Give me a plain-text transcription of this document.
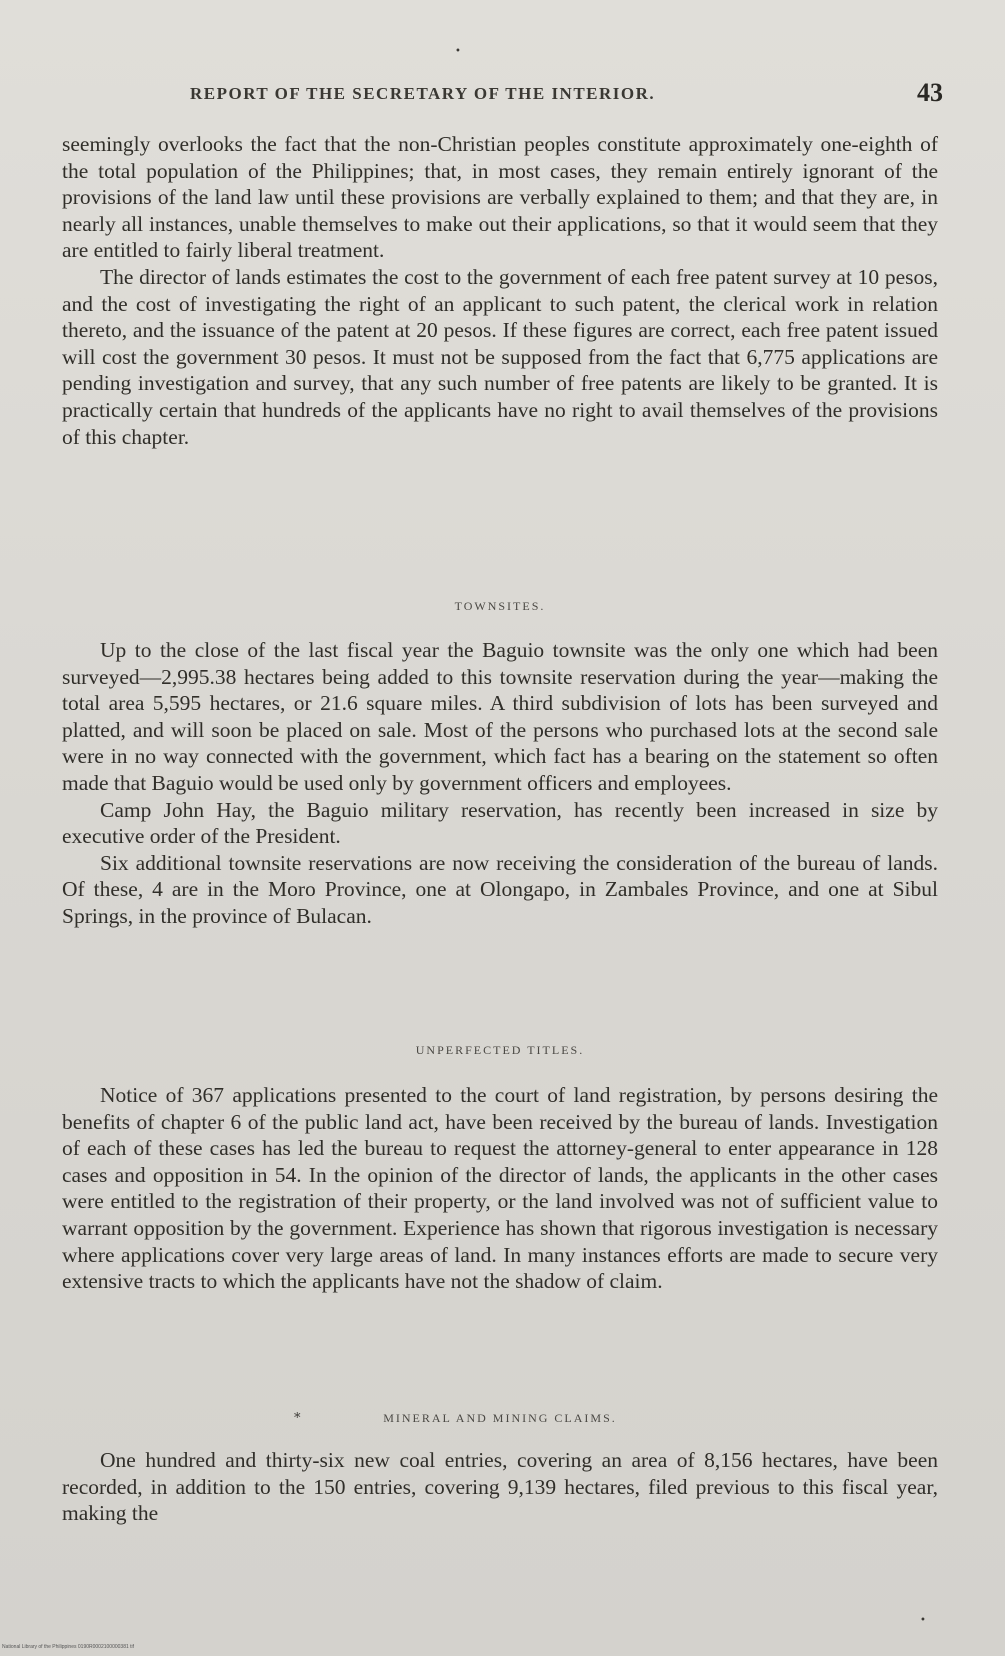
•
REPORT OF THE SECRETARY OF THE INTERIOR.	43

seemingly overlooks the fact that the non-Christian peoples constitute approximately one-eighth of the total population of the Philippines; that, in most cases, they remain entirely ignorant of the provisions of the land law until these provisions are verbally explained to them; and that they are, in nearly all instances, unable themselves to make out their applications, so that it would seem that they are entitled to fairly liberal treatment.

The director of lands estimates the cost to the government of each free patent survey at 10 pesos, and the cost of investigating the right of an applicant to such patent, the clerical work in relation thereto, and the issuance of the patent at 20 pesos. If these figures are correct, each free patent issued will cost the government 30 pesos. It must not be supposed from the fact that 6,775 applications are pending investigation and survey, that any such number of free patents are likely to be granted. It is practically certain that hundreds of the applicants have no right to avail themselves of the provisions of this chapter.

TOWNSITES.

Up to the close of the last fiscal year the Baguio townsite was the only one which had been surveyed—2,995.38 hectares being added to this townsite reservation during the year—making the total area 5,595 hectares, or 21.6 square miles. A third subdivision of lots has been surveyed and platted, and will soon be placed on sale. Most of the persons who purchased lots at the second sale were in no way connected with the government, which fact has a bearing on the statement so often made that Baguio would be used only by government officers and employees.

Camp John Hay, the Baguio military reservation, has recently been increased in size by executive order of the President.

Six additional townsite reservations are now receiving the consideration of the bureau of lands. Of these, 4 are in the Moro Province, one at Olongapo, in Zambales Province, and one at Sibul Springs, in the province of Bulacan.

UNPERFECTED TITLES.

Notice of 367 applications presented to the court of land registration, by persons desiring the benefits of chapter 6 of the public land act, have been received by the bureau of lands. Investigation of each of these cases has led the bureau to request the attorney-general to enter appearance in 128 cases and opposition in 54. In the opinion of the director of lands, the applicants in the other cases were entitled to the registration of their property, or the land involved was not of sufficient value to warrant opposition by the government. Experience has shown that rigorous investigation is necessary where applications cover very large areas of land. In many instances efforts are made to secure very extensive tracts to which the applicants have not the shadow of claim.

*	MINERAL AND MINING CLAIMS.

One hundred and thirty-six new coal entries, covering an area of 8,156 hectares, have been recorded, in addition to the 150 entries, covering 9,139 hectares, filed previous to this fiscal year, making the

•
National Library of the Philippines 0190R0002100000381 tif
